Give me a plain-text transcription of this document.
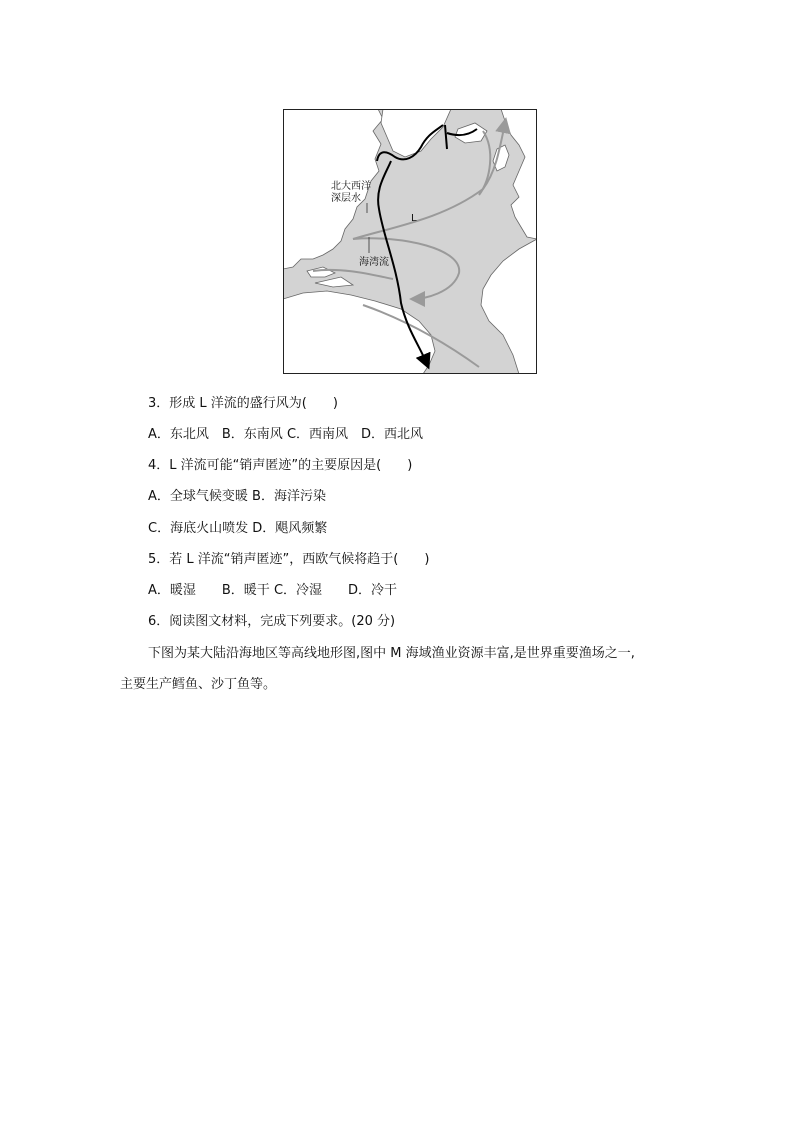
北大西洋
深层水
L
海湾流
3．形成 L 洋流的盛行风为(　　)
A．东北风　B．东南风 C．西南风　D．西北风
4．L 洋流可能“销声匿迹”的主要原因是(　　)
A．全球气候变暖 B．海洋污染
C．海底火山喷发 D．飓风频繁
5．若 L 洋流“销声匿迹”，西欧气候将趋于(　　)
A．暖湿　　B．暖干 C．冷湿　　D．冷干
6．阅读图文材料，完成下列要求。(20 分)
下图为某大陆沿海地区等高线地形图,图中 M 海域渔业资源丰富,是世界重要渔场之一,
主要生产鳕鱼、沙丁鱼等。
